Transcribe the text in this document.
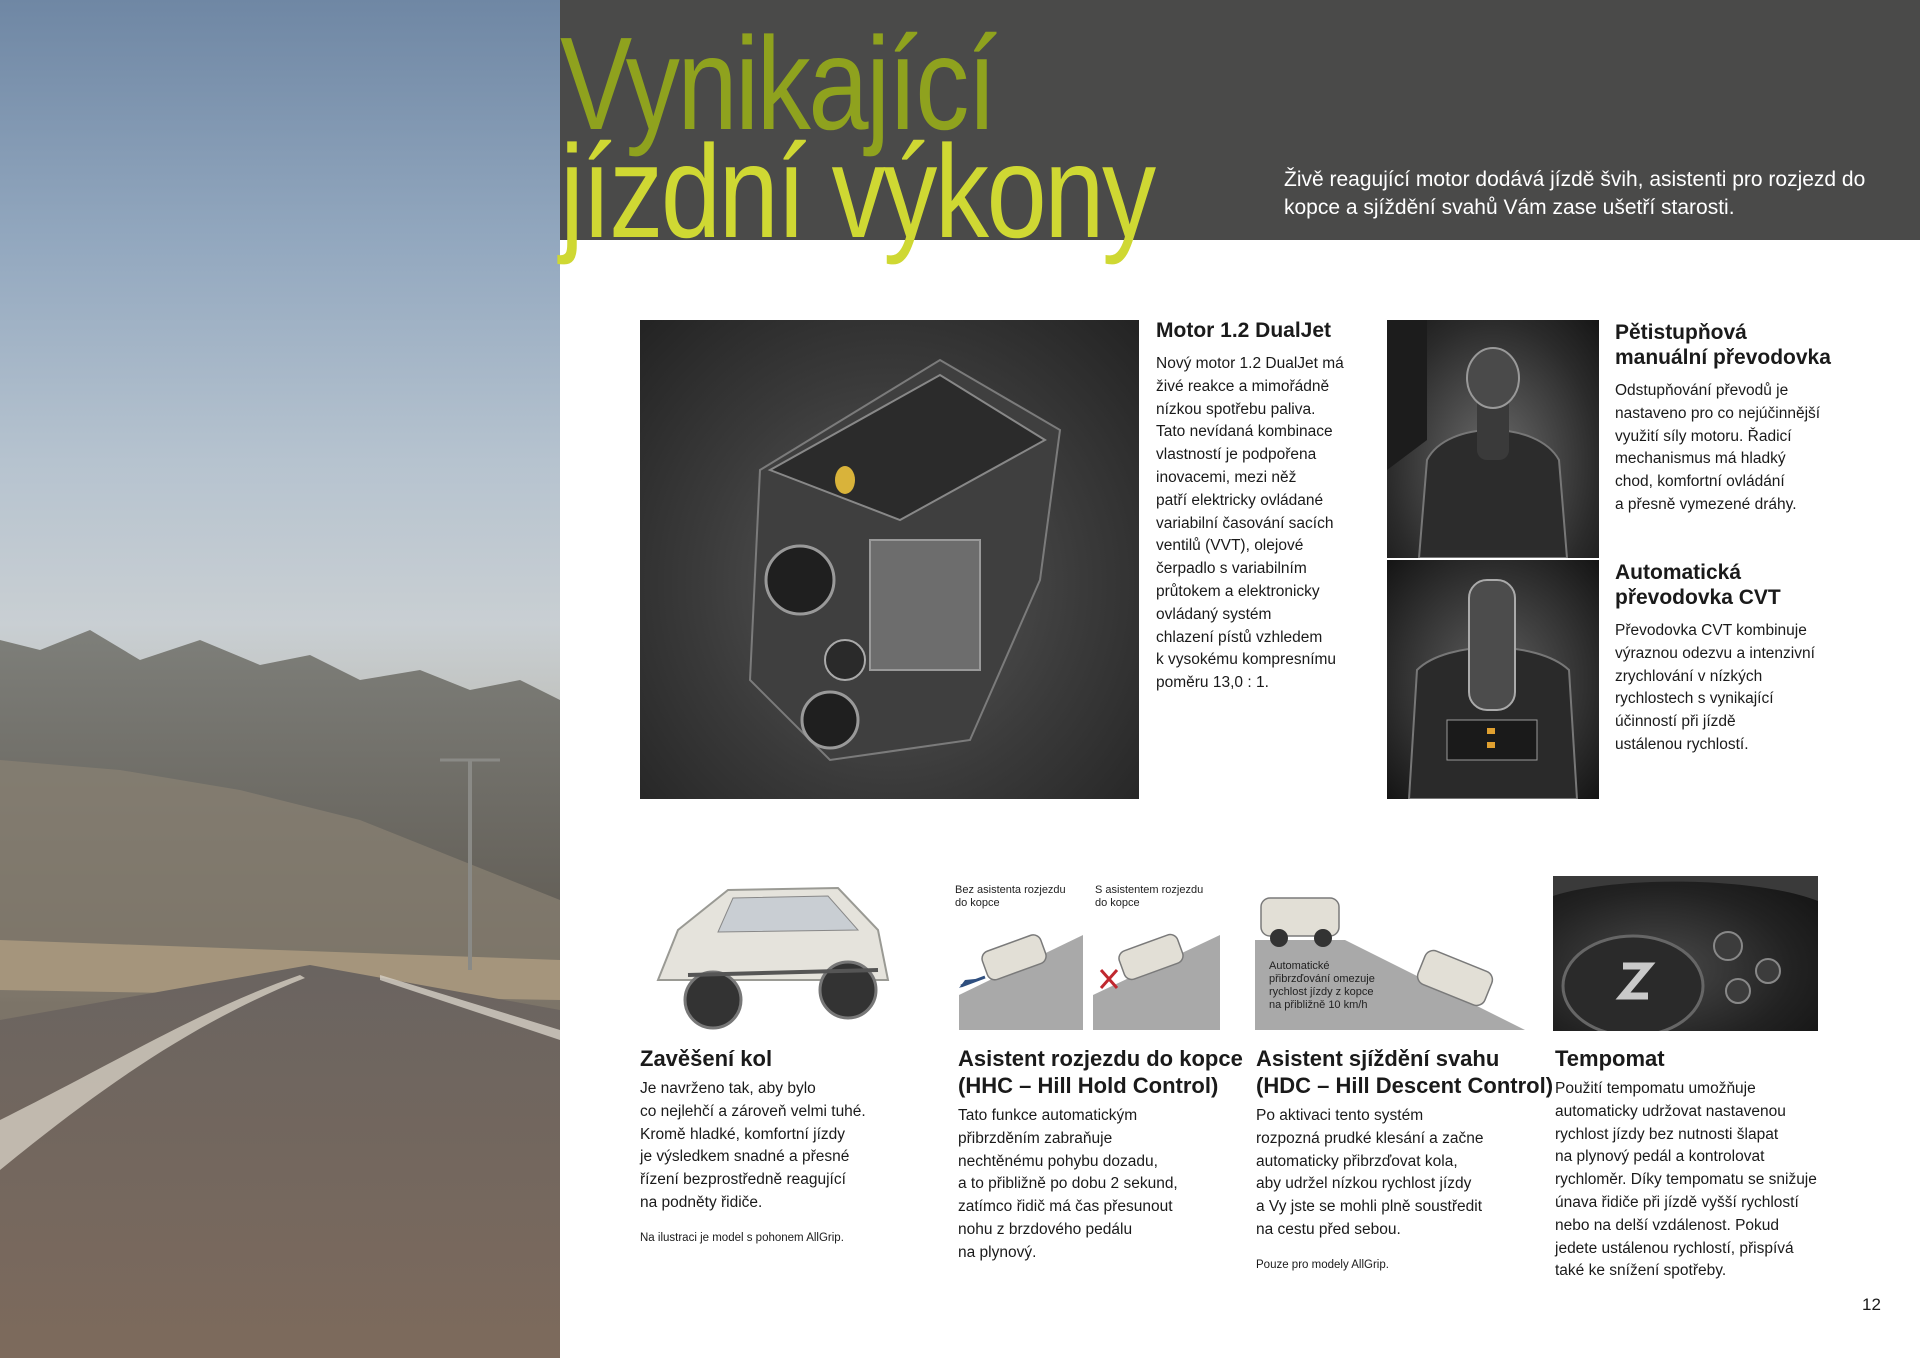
Vynikající
jízdní výkony	Živě reagující motor dodává jízdě švih, asistenti pro rozjezd do kopce a sjíždění svahů Vám zase ušetří starosti.

Motor 1.2 DualJet

Nový motor 1.2 DualJet má
živé reakce a mimořádně
nízkou spotřebu paliva.
Tato nevídaná kombinace
vlastností je podpořena
inovacemi, mezi něž
patří elektricky ovládané
variabilní časování sacích
ventilů (VVT), olejové
čerpadlo s variabilním
průtokem a elektronicky
ovládaný systém
chlazení pístů vzhledem
k vysokému kompresnímu
poměru 13,0 : 1.

Pětistupňová
manuální převodovka

Odstupňování převodů je
nastaveno pro co nejúčinnější
využití síly motoru. Řadicí
mechanismus má hladký
chod, komfortní ovládání
a přesně vymezené dráhy.

Automatická
převodovka CVT

Převodovka CVT kombinuje
výraznou odezvu a intenzivní
zrychlování v nízkých
rychlostech s vynikající
účinností při jízdě
ustálenou rychlostí.

Zavěšení kol

Je navrženo tak, aby bylo
co nejlehčí a zároveň velmi tuhé.
Kromě hladké, komfortní jízdy
je výsledkem snadné a přesné
řízení bezprostředně reagující
na podněty řidiče.

Na ilustraci je model s pohonem AllGrip.

Bez asistenta rozjezdu
do kopce
S asistentem rozjezdu
do kopce
Asistent rozjezdu do kopce
(HHC – Hill Hold Control)

Tato funkce automatickým
přibrzděním zabraňuje
nechtěnému pohybu dozadu,
a to přibližně po dobu 2 sekund,
zatímco řidič má čas přesunout
nohu z brzdového pedálu
na plynový.

Automatické
přibrzďování omezuje
rychlost jízdy z kopce
na přibližně 10 km/h
Asistent sjíždění svahu
(HDC – Hill Descent Control)

Po aktivaci tento systém
rozpozná prudké klesání a začne
automaticky přibrzďovat kola,
aby udržel nízkou rychlost jízdy
a Vy jste se mohli plně soustředit
na cestu před sebou.

Pouze pro modely AllGrip.

Tempomat

Použití tempomatu umožňuje
automaticky udržovat nastavenou
rychlost jízdy bez nutnosti šlapat
na plynový pedál a kontrolovat
rychloměr. Díky tempomatu se snižuje
únava řidiče při jízdě vyšší rychlostí
nebo na delší vzdálenost. Pokud
jedete ustálenou rychlostí, přispívá
také ke snížení spotřeby.

12
